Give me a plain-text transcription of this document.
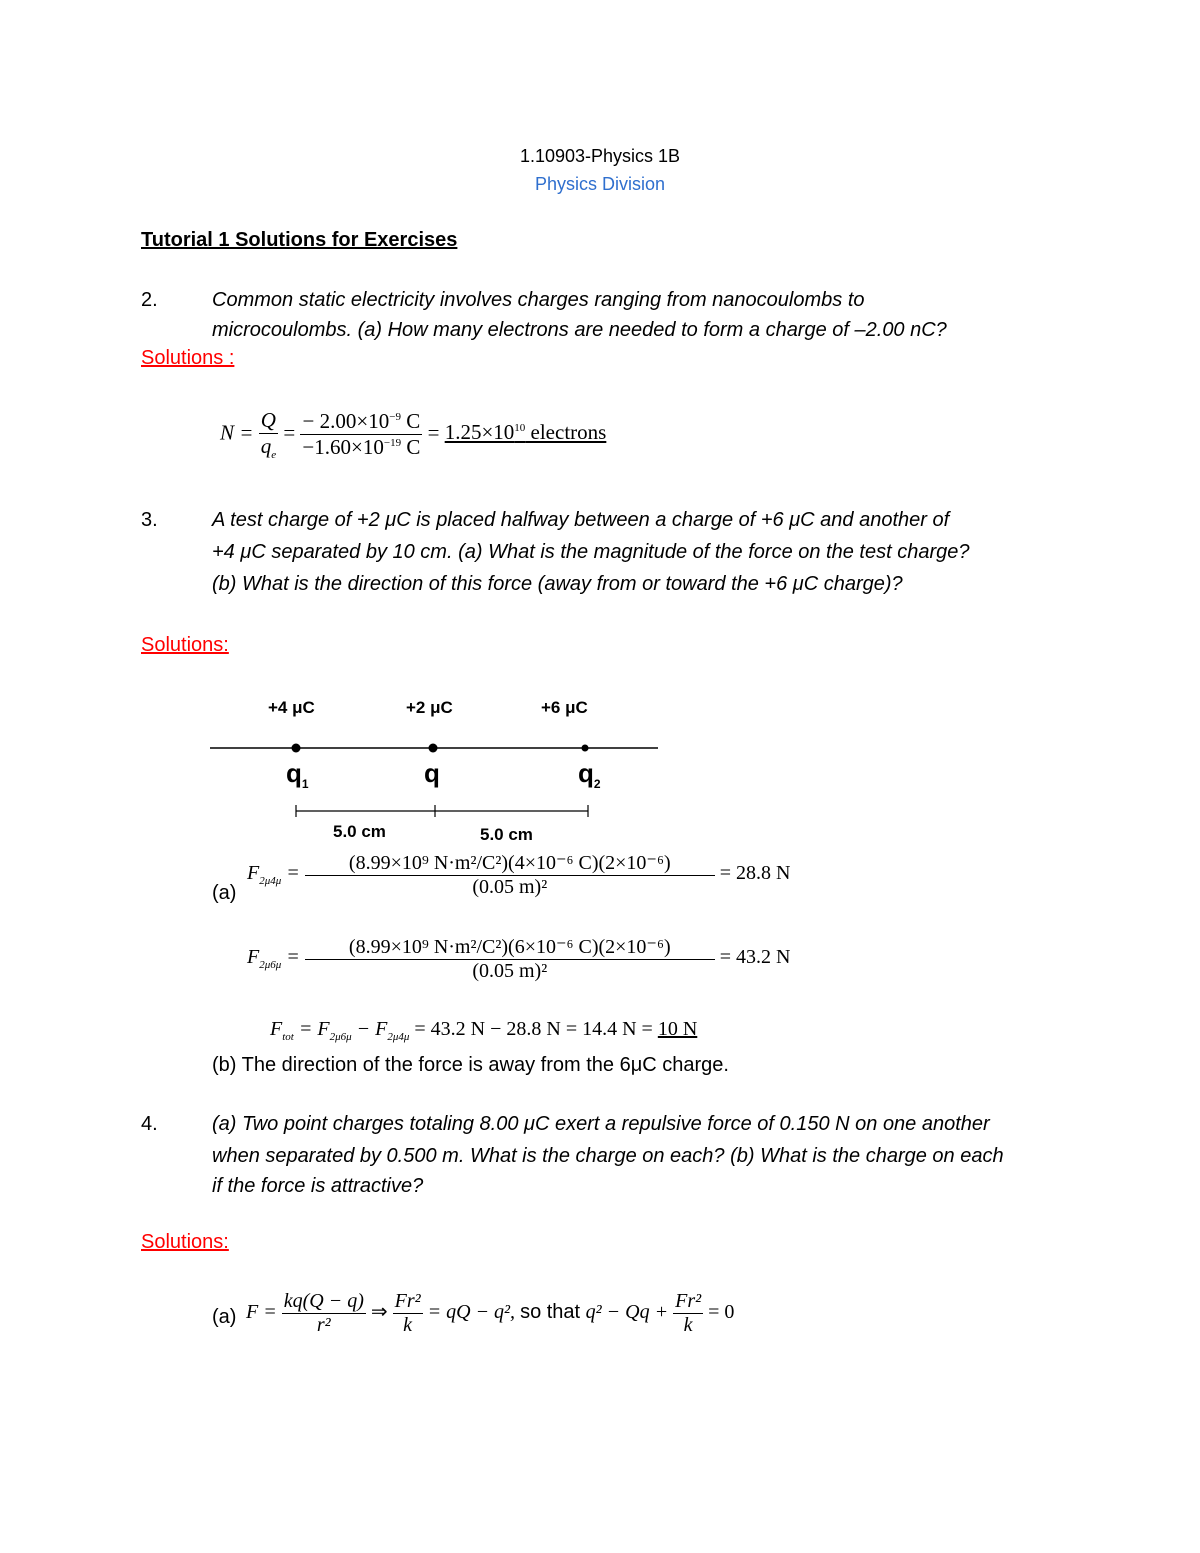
1.10903-Physics 1B
Physics Division
Tutorial 1 Solutions for Exercises
2.	Common static electricity involves charges ranging from nanocoulombs to
microcoulombs. (a) How many electrons are needed to form a charge of –2.00 nC?
Solutions :
$N = \frac{Q}{q_e} = \frac{- 2.00\times 10^{-9} C}{-1.60\times 10^{-19} C} = 1.25\times 10^{10}$ electrons
3.	A test charge of +2 μC is placed halfway between a charge of +6 μC and another of
+4 μC separated by 10 cm. (a) What is the magnitude of the force on the test charge?
(b) What is the direction of this force (away from or toward the +6 μC charge)?
Solutions:
+4 μC	+2 μC	+6 μC
$q_1$	q	$q_2$
5.0 cm	5.0 cm
(a)
$F_{2\mu 4\mu} = \frac{\text{(8.99×10⁹ N·m²/C²)(4×10⁻⁶ C)(2×10⁻⁶)}}{\text{(0.05 m)²}} = 28.8$ N
$F_{2\mu 6\mu} = \frac{\text{(8.99×10⁹ N·m²/C²)(6×10⁻⁶ C)(2×10⁻⁶)}}{\text{(0.05 m)²}} = 43.2$ N
$F_{tot} = F_{2\mu 6\mu} - F_{2\mu 4\mu} = 43.2$ N − 28.8 N = 14.4 N = 10 N
(b) The direction of the force is away from the 6μC charge.
4.	(a) Two point charges totaling 8.00 μC exert a repulsive force of 0.150 N on one another
when separated by 0.500 m. What is the charge on each? (b) What is the charge on each
if the force is attractive?
Solutions:
(a) $F = \frac{kq(Q - q)}{\text{r²}}$ ⇒ $\frac{\text{Fr²}}{k}$ = qQ − q², so that $q^2 - Qq + \frac{\text{Fr²}}{k} = 0$
